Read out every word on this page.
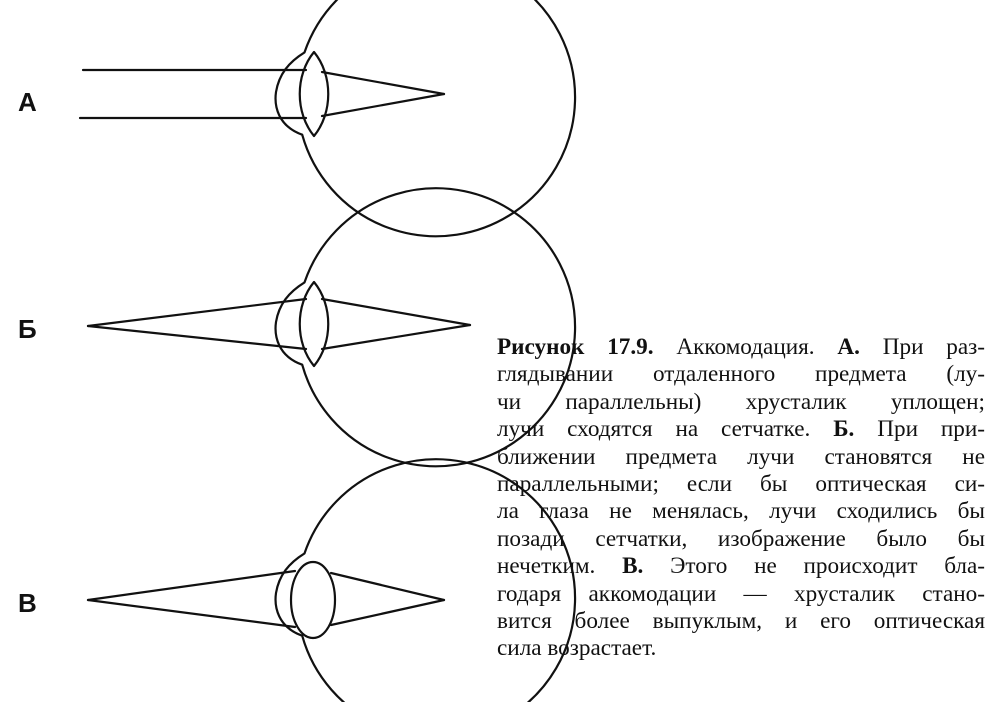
А
Б
В
Рисунок 17.9. Аккомодация. А. При раз-
глядывании отдаленного предмета (лу-
чи параллельны) хрусталик уплощен;
лучи сходятся на сетчатке. Б. При при-
ближении предмета лучи становятся не
параллельными; если бы оптическая си-
ла глаза не менялась, лучи сходились бы
позади сетчатки, изображение было бы
нечетким. В. Этого не происходит бла-
годаря аккомодации — хрусталик стано-
вится более выпуклым, и его оптическая
сила возрастает.
